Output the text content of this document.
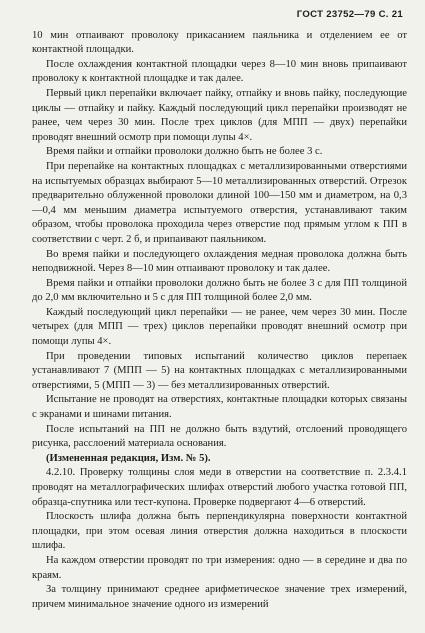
ГОСТ 23752—79 С. 21

10 мин отпаивают проволоку прикасанием паяльника и отделением ее от контактной площадки.

После охлаждения контактной площадки через 8—10 мин вновь припаивают проволоку к контактной площадке и так далее.

Первый цикл перепайки включает пайку, отпайку и вновь пайку, последующие циклы — отпайку и пайку. Каждый последующий цикл перепайки производят не ранее, чем через 30 мин. После трех циклов (для МПП — двух) перепайки проводят внешний осмотр при помощи лупы 4×.

Время пайки и отпайки проволоки должно быть не более 3 с.

При перепайке на контактных площадках с металлизированными отверстиями на испытуемых образцах выбирают 5—10 металлизированных отверстий. Отрезок предварительно облуженной проволоки длиной 100—150 мм и диаметром, на 0,3—0,4 мм меньшим диаметра испытуемого отверстия, устанавливают таким образом, чтобы проволока проходила через отверстие под прямым углом к ПП в соответствии с черт. 2 б, и припаивают паяльником.

Во время пайки и последующего охлаждения медная проволока должна быть неподвижной. Через 8—10 мин отпаивают проволоку и так далее.

Время пайки и отпайки проволоки должно быть не более 3 с для ПП толщиной до 2,0 мм включительно и 5 с для ПП толщиной более 2,0 мм.

Каждый последующий цикл перепайки — не ранее, чем через 30 мин. После четырех (для МПП — трех) циклов перепайки проводят внешний осмотр при помощи лупы 4×.

При проведении типовых испытаний количество циклов перепаек устанавливают 7 (МПП — 5) на контактных площадках с металлизированными отверстиями, 5 (МПП — 3) — без металлизированных отверстий.

Испытание не проводят на отверстиях, контактные площадки которых связаны с экранами и шинами питания.

После испытаний на ПП не должно быть вздутий, отслоений проводящего рисунка, расслоений материала основания.

(Измененная редакция, Изм. № 5).

4.2.10. Проверку толщины слоя меди в отверстии на соответствие п. 2.3.4.1 проводят на металлографических шлифах отверстий любого участка готовой ПП, образца-спутника или тест-купона. Проверке подвергают 4—6 отверстий.

Плоскость шлифа должна быть перпендикулярна поверхности контактной площадки, при этом осевая линия отверстия должна находиться в плоскости шлифа.

На каждом отверстии проводят по три измерения: одно — в середине и два по краям.

За толщину принимают среднее арифметическое значение трех измерений, причем минимальное значение одного из измерений
